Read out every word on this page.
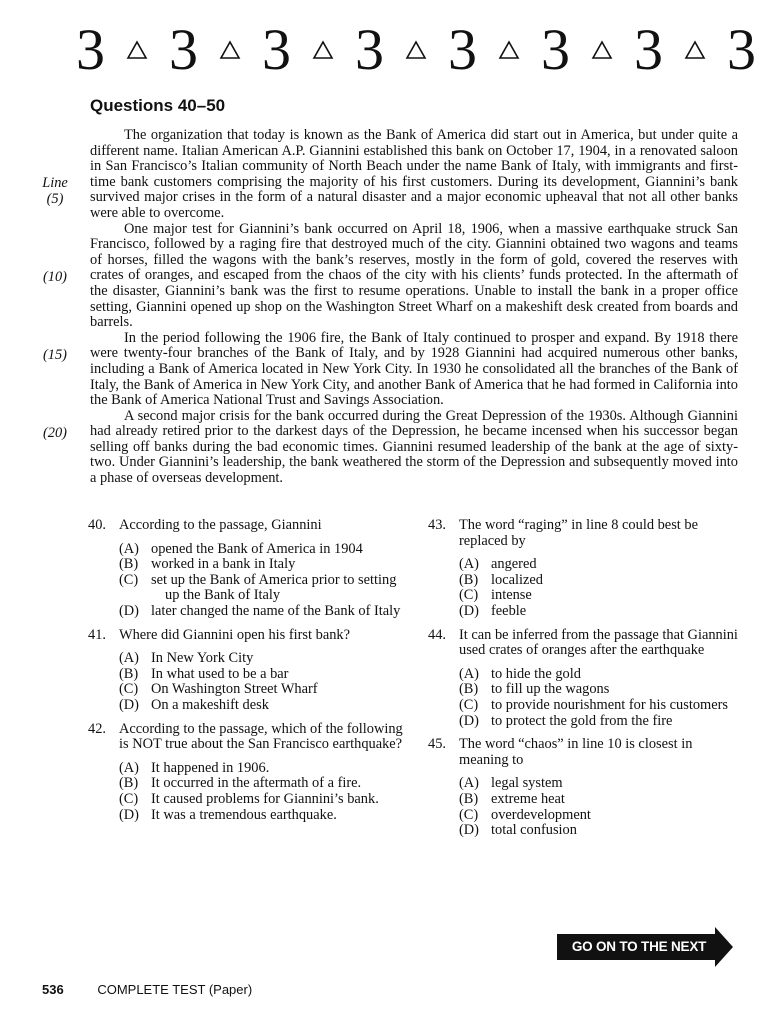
3 3 3 3 3 3 3 3
Questions 40–50
Line
(5)
(10)
(15)
(20)

The organization that today is known as the Bank of America did start out in America, but under quite a different name. Italian American A.P. Giannini established this bank on October 17, 1904, in a renovated saloon in San Francisco’s Italian community of North Beach under the name Bank of Italy, with immigrants and first-time bank customers comprising the majority of his first customers. During its development, Giannini’s bank survived major crises in the form of a natural disaster and a major economic upheaval that not all other banks were able to overcome.

One major test for Giannini’s bank occurred on April 18, 1906, when a massive earthquake struck San Francisco, followed by a raging fire that destroyed much of the city. Giannini obtained two wagons and teams of horses, filled the wagons with the bank’s reserves, mostly in the form of gold, covered the reserves with crates of oranges, and escaped from the chaos of the city with his clients’ funds protected. In the aftermath of the disaster, Giannini’s bank was the first to resume operations. Unable to install the bank in a proper office setting, Giannini opened up shop on the Washington Street Wharf on a makeshift desk created from boards and barrels.

In the period following the 1906 fire, the Bank of Italy continued to prosper and expand. By 1918 there were twenty-four branches of the Bank of Italy, and by 1928 Giannini had acquired numerous other banks, including a Bank of America located in New York City. In 1930 he consolidated all the branches of the Bank of Italy, the Bank of America in New York City, and another Bank of America that he had formed in California into the Bank of America National Trust and Savings Association.

A second major crisis for the bank occurred during the Great Depression of the 1930s. Although Giannini had already retired prior to the darkest days of the Depression, he became incensed when his successor began selling off banks during the bad economic times. Giannini resumed leadership of the bank at the age of sixty-two. Under Giannini’s leadership, the bank weathered the storm of the Depression and subsequently moved into a phase of overseas development.

40. According to the passage, Giannini
(A) opened the Bank of America in 1904
(B) worked in a bank in Italy
(C) set up the Bank of America prior to setting up the Bank of Italy
(D) later changed the name of the Bank of Italy
41. Where did Giannini open his first bank?
(A) In New York City
(B) In what used to be a bar
(C) On Washington Street Wharf
(D) On a makeshift desk
42. According to the passage, which of the following is NOT true about the San Francisco earthquake?
(A) It happened in 1906.
(B) It occurred in the aftermath of a fire.
(C) It caused problems for Giannini’s bank.
(D) It was a tremendous earthquake.
43. The word “raging” in line 8 could best be replaced by
(A) angered
(B) localized
(C) intense
(D) feeble
44. It can be inferred from the passage that Giannini used crates of oranges after the earthquake
(A) to hide the gold
(B) to fill up the wagons
(C) to provide nourishment for his customers
(D) to protect the gold from the fire
45. The word “chaos” in line 10 is closest in meaning to
(A) legal system
(B) extreme heat
(C) overdevelopment
(D) total confusion
GO ON TO THE NEXT PAGE
536	COMPLETE TEST (Paper)
